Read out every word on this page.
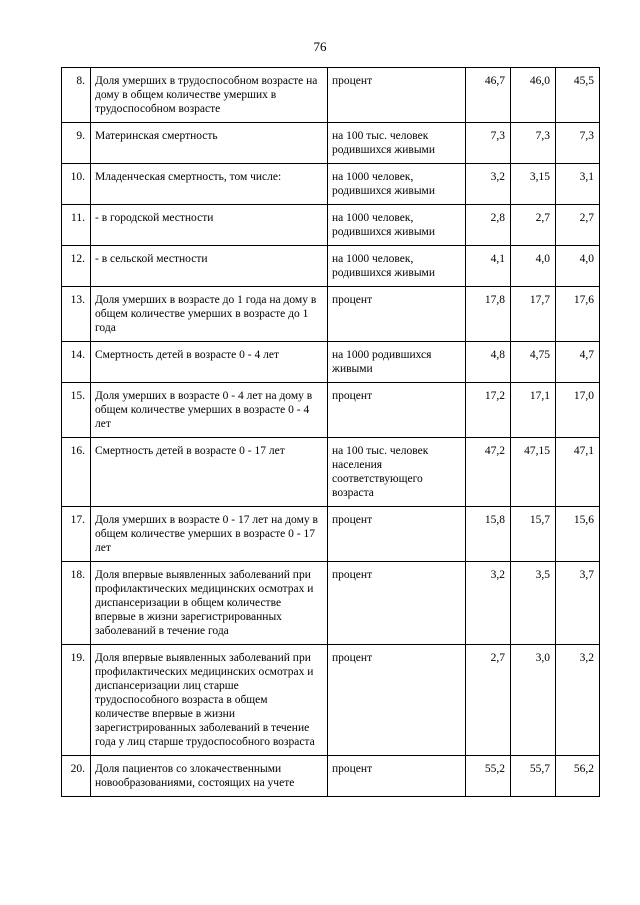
76
8.	Доля умерших в трудоспособном возрасте на дому в общем количестве умерших в трудоспособном возрасте	процент	46,7	46,0	45,5
9.	Материнская смертность	на 100 тыс. человек родившихся живыми	7,3	7,3	7,3
10.	Младенческая смертность, том числе:	на 1000 человек, родившихся живыми	3,2	3,15	3,1
11.	- в городской местности	на 1000 человек, родившихся живыми	2,8	2,7	2,7
12.	- в сельской местности	на 1000 человек, родившихся живыми	4,1	4,0	4,0
13.	Доля умерших в возрасте до 1 года на дому в общем количестве умерших в возрасте до 1 года	процент	17,8	17,7	17,6
14.	Смертность детей в возрасте 0 - 4 лет	на 1000 родившихся живыми	4,8	4,75	4,7
15.	Доля умерших в возрасте 0 - 4 лет на дому в общем количестве умерших в возрасте 0 - 4 лет	процент	17,2	17,1	17,0
16.	Смертность детей в возрасте 0 - 17 лет	на 100 тыс. человек населения соответствующего возраста	47,2	47,15	47,1
17.	Доля умерших в возрасте 0 - 17 лет на дому в общем количестве умерших в возрасте 0 - 17 лет	процент	15,8	15,7	15,6
18.	Доля впервые выявленных заболеваний при профилактических медицинских осмотрах и диспансеризации в общем количестве впервые в жизни зарегистрированных заболеваний в течение года	процент	3,2	3,5	3,7
19.	Доля впервые выявленных заболеваний при профилактических медицинских осмотрах и диспансеризации лиц старше трудоспособного возраста в общем количестве впервые в жизни зарегистрированных заболеваний в течение года у лиц старше трудоспособного возраста	процент	2,7	3,0	3,2
20.	Доля пациентов со злокачественными новообразованиями, состоящих на учете	процент	55,2	55,7	56,2
